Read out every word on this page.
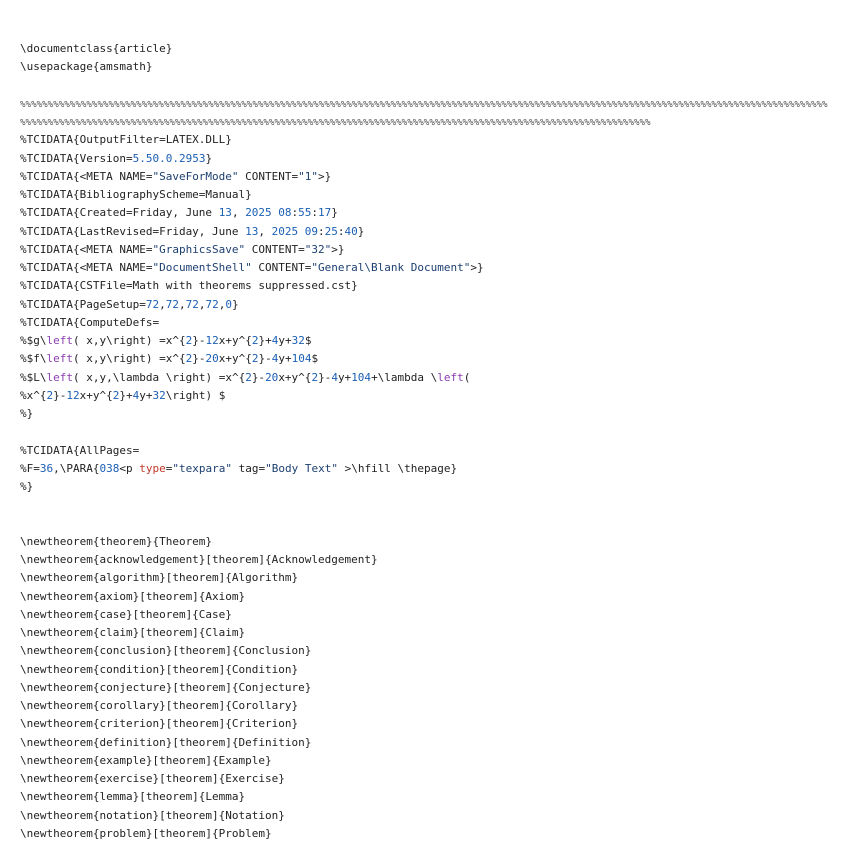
\documentclass{article}
\usepackage{amsmath}
%%%%%%%%%%%%%%%%%%%%%%%%%%%%%%%%%%%%%%%%%%%%%%%%%%%%%%%%%%%%%%%%%%%%%%%%%%%%%%%%%%%%%%%%%%%%%%%%%%%%%%%%%%%%%%%%%%%%%%%%%%%%%%%%%%%%%%%%%%%%%%%%%%
%%%%%%%%%%%%%%%%%%%%%%%%%%%%%%%%%%%%%%%%%%%%%%%%%%%%%%%%%%%%%%%%%%%%%%%%%%%%%%%%%%%%%%%%%%%%%%%%%%%%%%%%%%%%%%%%%%
%TCIDATA{OutputFilter=LATEX.DLL}
%TCIDATA{Version=5.50.0.2953}
%TCIDATA{<META NAME="SaveForMode" CONTENT="1">}
%TCIDATA{BibliographyScheme=Manual}
%TCIDATA{Created=Friday, June 13, 2025 08:55:17}
%TCIDATA{LastRevised=Friday, June 13, 2025 09:25:40}
%TCIDATA{<META NAME="GraphicsSave" CONTENT="32">}
%TCIDATA{<META NAME="DocumentShell" CONTENT="General\Blank Document">}
%TCIDATA{CSTFile=Math with theorems suppressed.cst}
%TCIDATA{PageSetup=72,72,72,72,0}
%TCIDATA{ComputeDefs=
%$g\left( x,y\right) =x^{2}-12x+y^{2}+4y+32$
%$f\left( x,y\right) =x^{2}-20x+y^{2}-4y+104$
%$L\left( x,y,\lambda \right) =x^{2}-20x+y^{2}-4y+104+\lambda \left(
%x^{2}-12x+y^{2}+4y+32\right) $
%}
%TCIDATA{AllPages=
%F=36,\PARA{038<p type="texpara" tag="Body Text" >\hfill \thepage}
%}
\newtheorem{theorem}{Theorem}
\newtheorem{acknowledgement}[theorem]{Acknowledgement}
\newtheorem{algorithm}[theorem]{Algorithm}
\newtheorem{axiom}[theorem]{Axiom}
\newtheorem{case}[theorem]{Case}
\newtheorem{claim}[theorem]{Claim}
\newtheorem{conclusion}[theorem]{Conclusion}
\newtheorem{condition}[theorem]{Condition}
\newtheorem{conjecture}[theorem]{Conjecture}
\newtheorem{corollary}[theorem]{Corollary}
\newtheorem{criterion}[theorem]{Criterion}
\newtheorem{definition}[theorem]{Definition}
\newtheorem{example}[theorem]{Example}
\newtheorem{exercise}[theorem]{Exercise}
\newtheorem{lemma}[theorem]{Lemma}
\newtheorem{notation}[theorem]{Notation}
\newtheorem{problem}[theorem]{Problem}
